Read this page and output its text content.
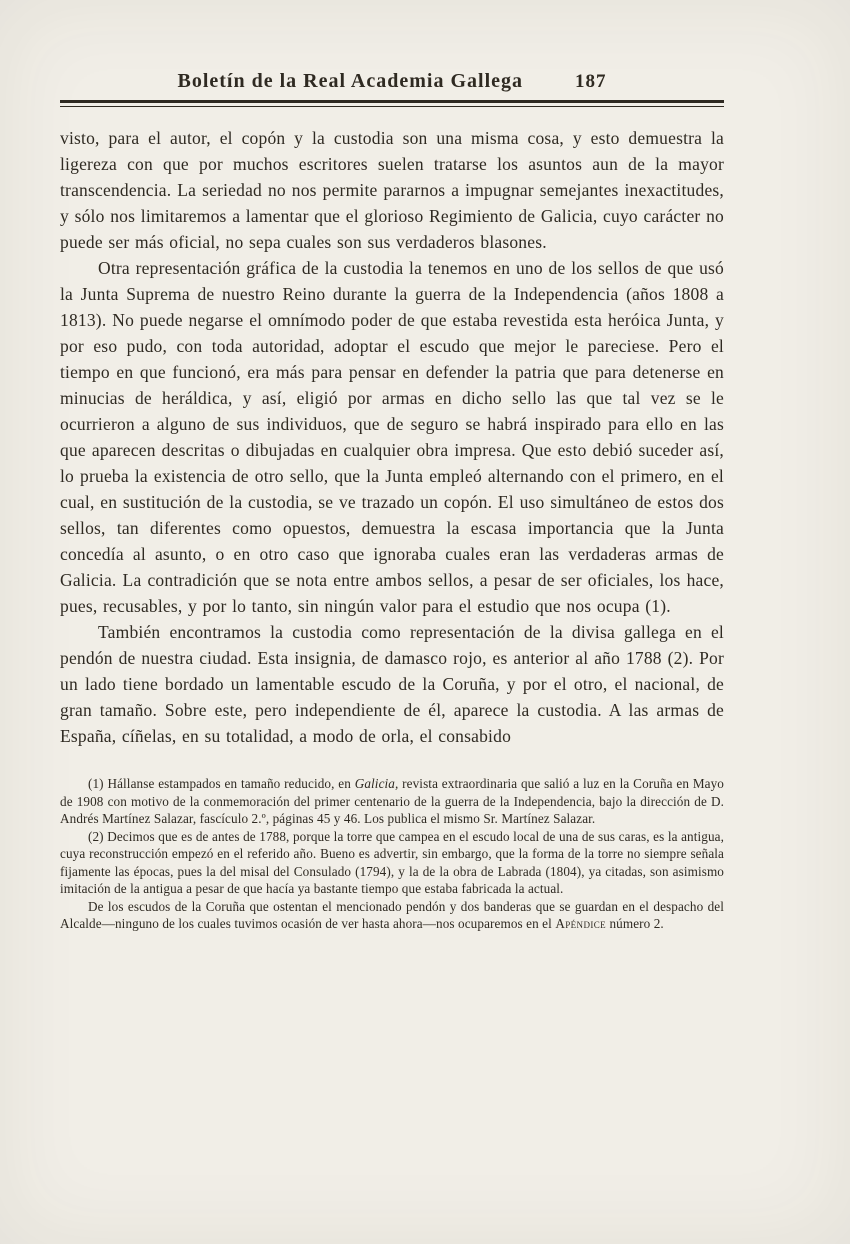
Boletín de la Real Academia Gallega	187

visto, para el autor, el copón y la custodia son una misma cosa, y esto demuestra la ligereza con que por muchos escritores suelen tratarse los asuntos aun de la mayor transcendencia. La seriedad no nos permite pararnos a impugnar semejantes inexactitudes, y sólo nos limitaremos a lamentar que el glorioso Regimiento de Galicia, cuyo carácter no puede ser más oficial, no sepa cuales son sus verdaderos blasones.

Otra representación gráfica de la custodia la tenemos en uno de los sellos de que usó la Junta Suprema de nuestro Reino durante la guerra de la Independencia (años 1808 a 1813). No puede negarse el omnímodo poder de que estaba revestida esta heróica Junta, y por eso pudo, con toda autoridad, adoptar el escudo que mejor le pareciese. Pero el tiempo en que funcionó, era más para pensar en defender la patria que para detenerse en minucias de heráldica, y así, eligió por armas en dicho sello las que tal vez se le ocurrieron a alguno de sus individuos, que de seguro se habrá inspirado para ello en las que aparecen descritas o dibujadas en cualquier obra impresa. Que esto debió suceder así, lo prueba la existencia de otro sello, que la Junta empleó alternando con el primero, en el cual, en sustitución de la custodia, se ve trazado un copón. El uso simultáneo de estos dos sellos, tan diferentes como opuestos, demuestra la escasa importancia que la Junta concedía al asunto, o en otro caso que ignoraba cuales eran las verdaderas armas de Galicia. La contradición que se nota entre ambos sellos, a pesar de ser oficiales, los hace, pues, recusables, y por lo tanto, sin ningún valor para el estudio que nos ocupa (1).

También encontramos la custodia como representación de la divisa gallega en el pendón de nuestra ciudad. Esta insignia, de damasco rojo, es anterior al año 1788 (2). Por un lado tiene bordado un lamentable escudo de la Coruña, y por el otro, el nacional, de gran tamaño. Sobre este, pero independiente de él, aparece la custodia. A las armas de España, cíñelas, en su totalidad, a modo de orla, el consabido

(1) Hállanse estampados en tamaño reducido, en Galicia, revista extraordinaria que salió a luz en la Coruña en Mayo de 1908 con motivo de la conmemoración del primer centenario de la guerra de la Independencia, bajo la dirección de D. Andrés Martínez Salazar, fascículo 2.º, páginas 45 y 46. Los publica el mismo Sr. Martínez Salazar.

(2) Decimos que es de antes de 1788, porque la torre que campea en el escudo local de una de sus caras, es la antigua, cuya reconstrucción empezó en el referido año. Bueno es advertir, sin embargo, que la forma de la torre no siempre señala fijamente las épocas, pues la del misal del Consulado (1794), y la de la obra de Labrada (1804), ya citadas, son asimismo imitación de la antigua a pesar de que hacía ya bastante tiempo que estaba fabricada la actual.

De los escudos de la Coruña que ostentan el mencionado pendón y dos banderas que se guardan en el despacho del Alcalde—ninguno de los cuales tuvimos ocasión de ver hasta ahora—nos ocuparemos en el Apéndice número 2.
